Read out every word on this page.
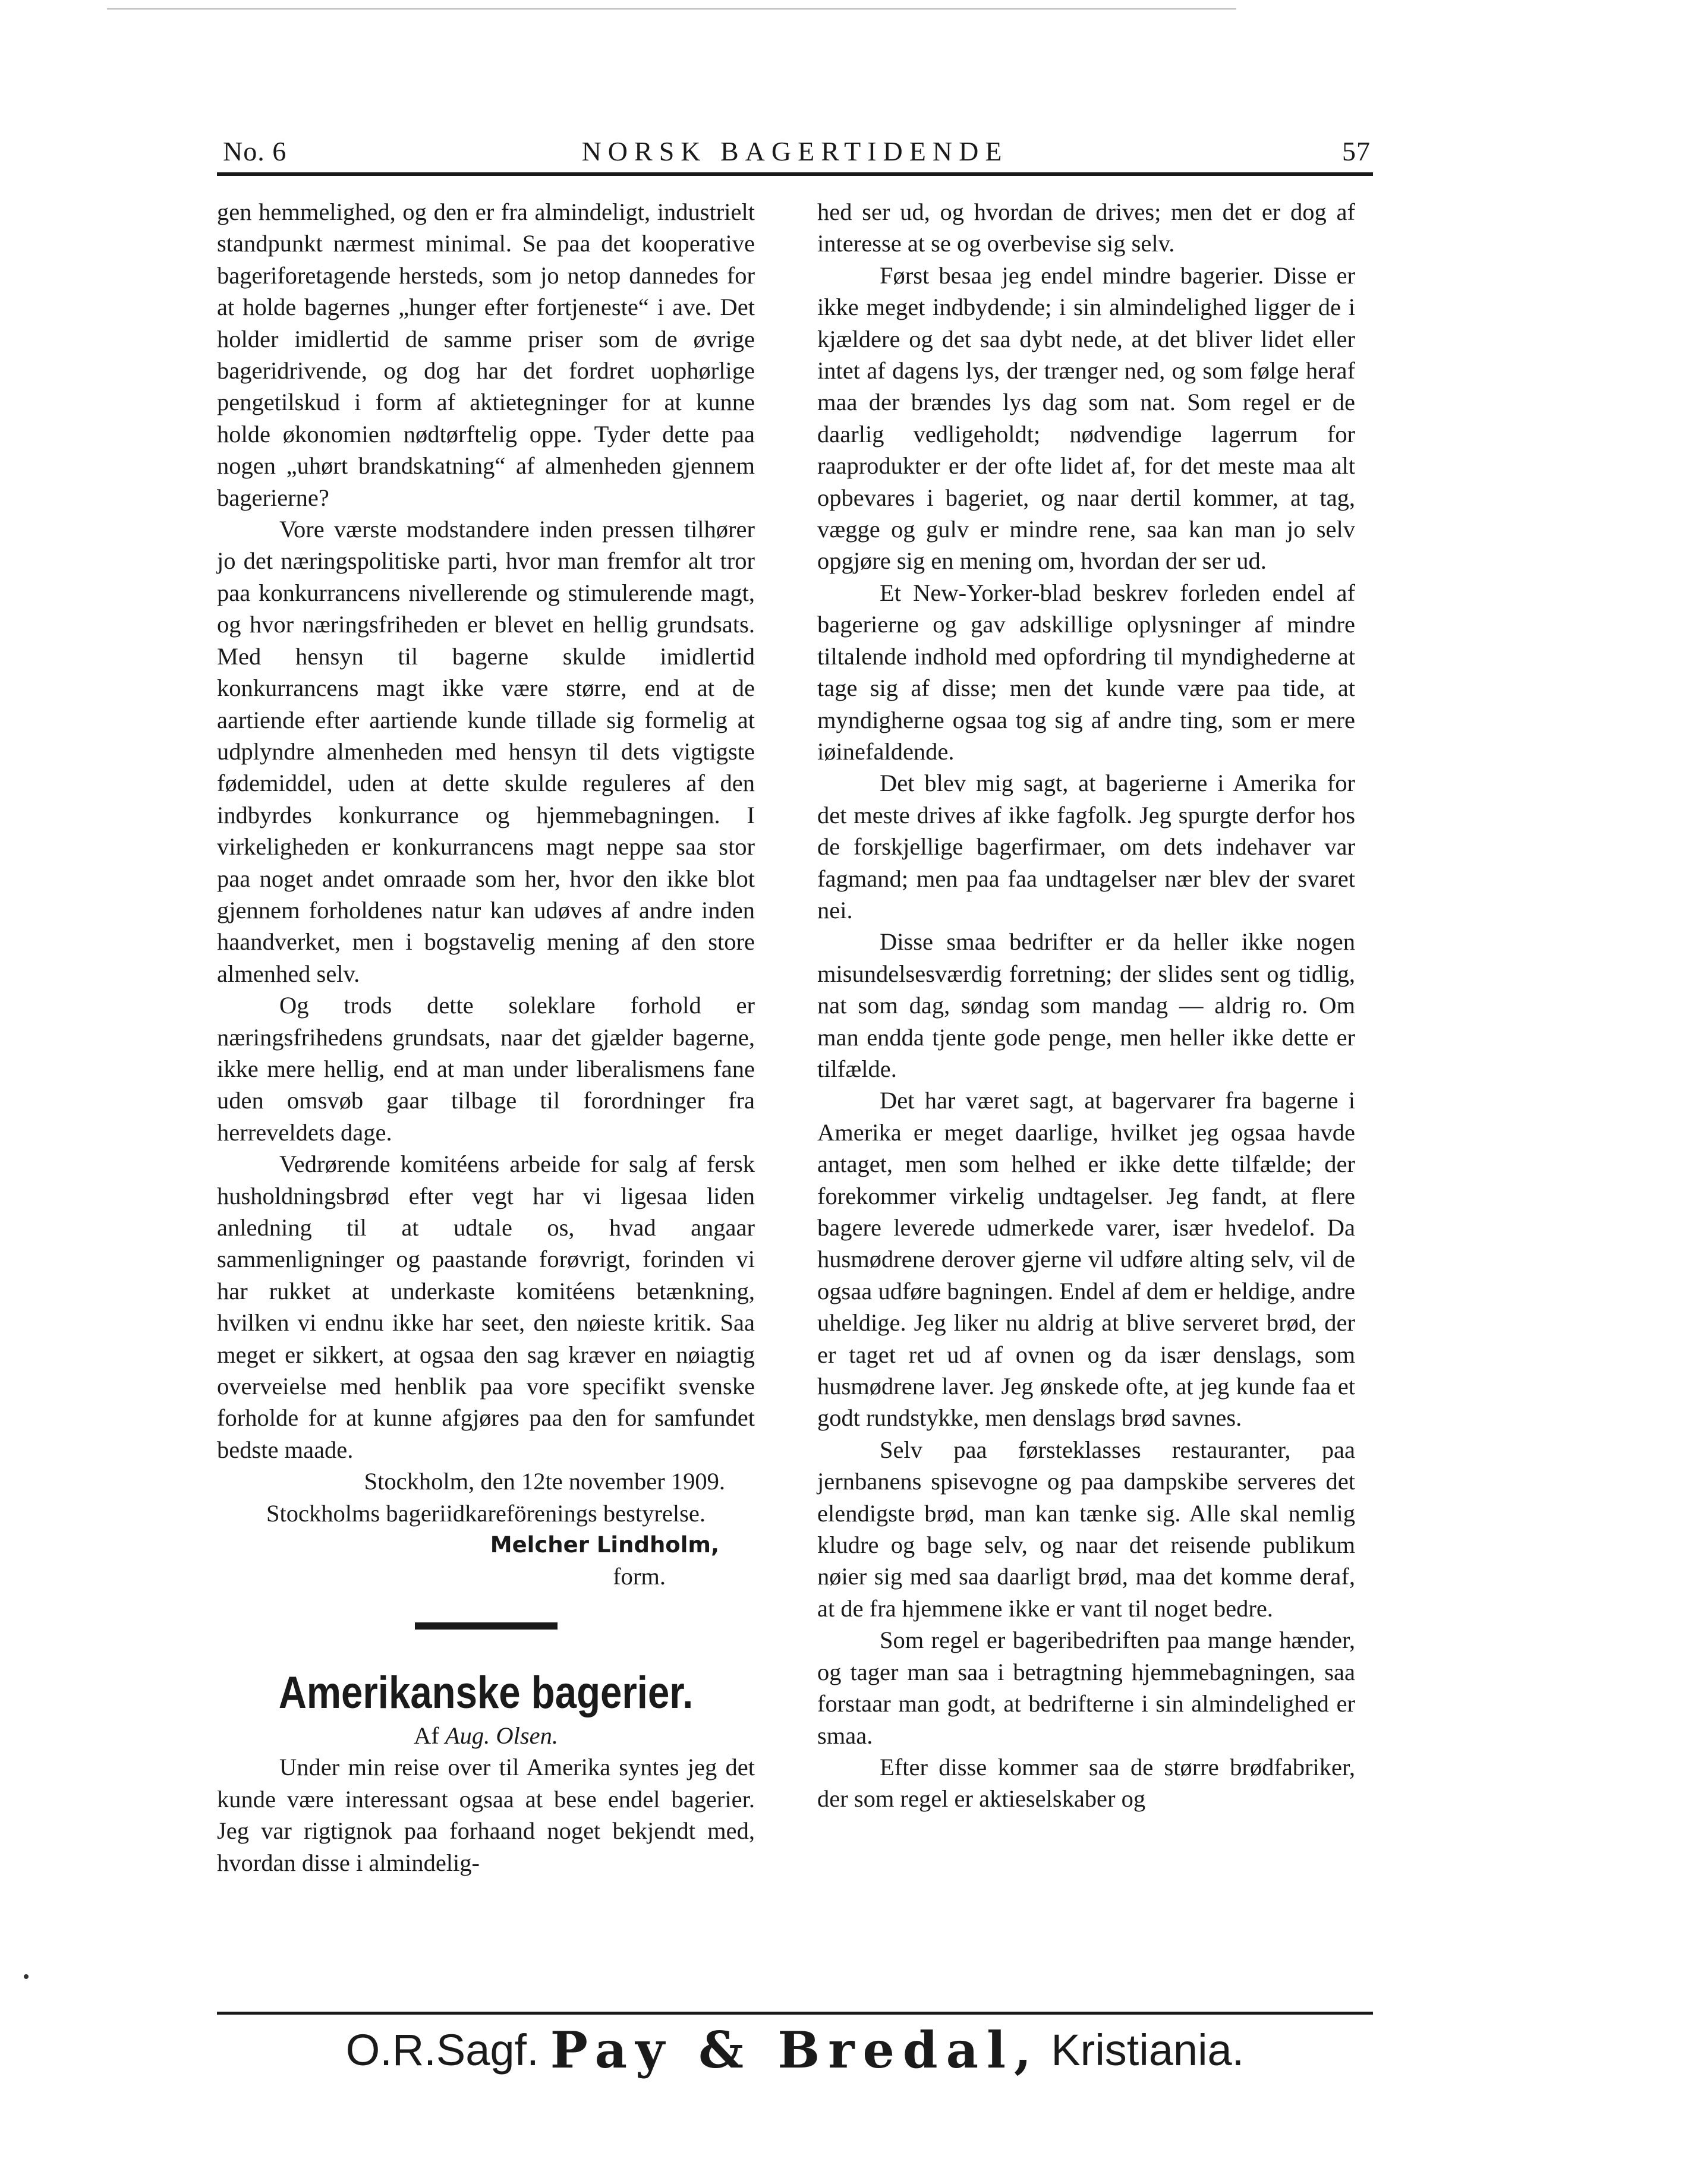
No. 6	NORSK BAGERTIDENDE	57

gen hemmelighed, og den er fra almindeligt, industrielt standpunkt nærmest minimal. Se paa det kooperative bageriforetagende hersteds, som jo netop dannedes for at holde bagernes „hunger efter fortjeneste“ i ave. Det holder imidlertid de samme priser som de øvrige bageridrivende, og dog har det fordret uophørlige pengetilskud i form af aktietegninger for at kunne holde økonomien nødtørftelig oppe. Tyder dette paa nogen „uhørt brandskatning“ af almenheden gjennem bagerierne?

Vore værste modstandere inden pressen tilhører jo det næringspolitiske parti, hvor man fremfor alt tror paa konkurrancens nivellerende og stimulerende magt, og hvor næringsfriheden er blevet en hellig grundsats. Med hensyn til bagerne skulde imidlertid konkurrancens magt ikke være større, end at de aartiende efter aartiende kunde tillade sig formelig at udplyndre almenheden med hensyn til dets vigtigste fødemiddel, uden at dette skulde reguleres af den indbyrdes konkurrance og hjemmebagningen. I virkeligheden er konkurrancens magt neppe saa stor paa noget andet omraade som her, hvor den ikke blot gjennem forholdenes natur kan udøves af andre inden haandverket, men i bogstavelig mening af den store almenhed selv.

Og trods dette soleklare forhold er næringsfrihedens grundsats, naar det gjælder bagerne, ikke mere hellig, end at man under liberalismens fane uden omsvøb gaar tilbage til forordninger fra herreveldets dage.

Vedrørende komitéens arbeide for salg af fersk husholdningsbrød efter vegt har vi ligesaa liden anledning til at udtale os, hvad angaar sammenligninger og paastande forøvrigt, forinden vi har rukket at underkaste komitéens betænkning, hvilken vi endnu ikke har seet, den nøieste kritik. Saa meget er sikkert, at ogsaa den sag kræver en nøiagtig overveielse med henblik paa vore specifikt svenske forholde for at kunne afgjøres paa den for samfundet bedste maade.

Stockholm, den 12te november 1909.

Stockholms bageriidkareförenings bestyrelse.

Melcher Lindholm,

form.

Amerikanske bagerier.

Af Aug. Olsen.

Under min reise over til Amerika syntes jeg det kunde være interessant ogsaa at bese endel bagerier. Jeg var rigtignok paa forhaand noget bekjendt med, hvordan disse i almindelig-

hed ser ud, og hvordan de drives; men det er dog af interesse at se og overbevise sig selv.

Først besaa jeg endel mindre bagerier. Disse er ikke meget indbydende; i sin almindelighed ligger de i kjældere og det saa dybt nede, at det bliver lidet eller intet af dagens lys, der trænger ned, og som følge heraf maa der brændes lys dag som nat. Som regel er de daarlig vedligeholdt; nødvendige lagerrum for raaprodukter er der ofte lidet af, for det meste maa alt opbevares i bageriet, og naar dertil kommer, at tag, vægge og gulv er mindre rene, saa kan man jo selv opgjøre sig en mening om, hvordan der ser ud.

Et New-Yorker-blad beskrev forleden endel af bagerierne og gav adskillige oplysninger af mindre tiltalende indhold med opfordring til myndighederne at tage sig af disse; men det kunde være paa tide, at myndigherne ogsaa tog sig af andre ting, som er mere iøinefaldende.

Det blev mig sagt, at bagerierne i Amerika for det meste drives af ikke fagfolk. Jeg spurgte derfor hos de forskjellige bagerfirmaer, om dets indehaver var fagmand; men paa faa undtagelser nær blev der svaret nei.

Disse smaa bedrifter er da heller ikke nogen misundelsesværdig forretning; der slides sent og tidlig, nat som dag, søndag som mandag — aldrig ro. Om man endda tjente gode penge, men heller ikke dette er tilfælde.

Det har været sagt, at bagervarer fra bagerne i Amerika er meget daarlige, hvilket jeg ogsaa havde antaget, men som helhed er ikke dette tilfælde; der forekommer virkelig undtagelser. Jeg fandt, at flere bagere leverede udmerkede varer, især hvedelof. Da husmødrene derover gjerne vil udføre alting selv, vil de ogsaa udføre bagningen. Endel af dem er heldige, andre uheldige. Jeg liker nu aldrig at blive serveret brød, der er taget ret ud af ovnen og da især denslags, som husmødrene laver. Jeg ønskede ofte, at jeg kunde faa et godt rundstykke, men denslags brød savnes.

Selv paa førsteklasses restauranter, paa jernbanens spisevogne og paa dampskibe serveres det elendigste brød, man kan tænke sig. Alle skal nemlig kludre og bage selv, og naar det reisende publikum nøier sig med saa daarligt brød, maa det komme deraf, at de fra hjemmene ikke er vant til noget bedre.

Som regel er bageribedriften paa mange hænder, og tager man saa i betragtning hjemmebagningen, saa forstaar man godt, at bedrifterne i sin almindelighed er smaa.

Efter disse kommer saa de større brødfabriker, der som regel er aktieselskaber og

O.R.Sagf. Pay & Bredal, Kristiania.
